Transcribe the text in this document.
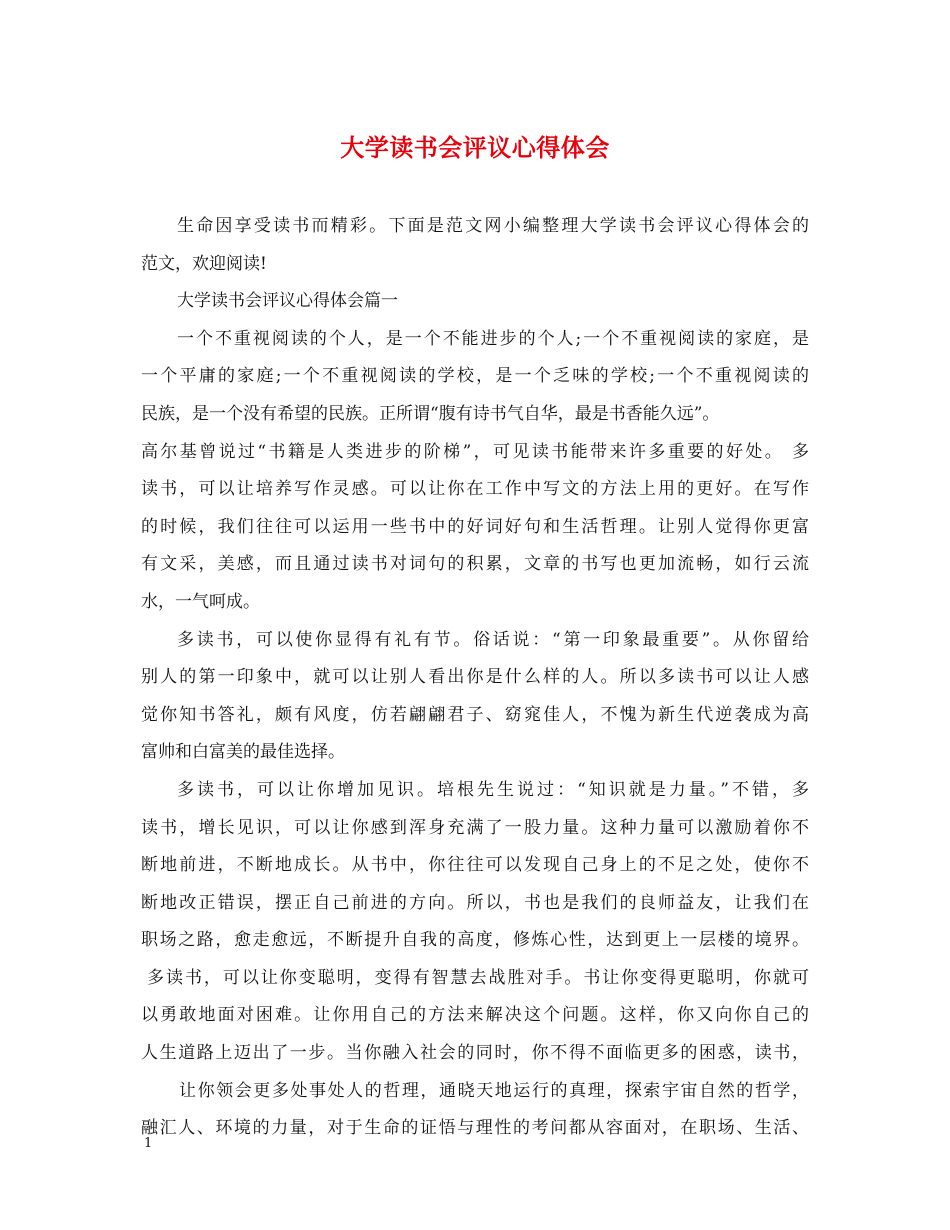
大学读书会评议心得体会
生命因享受读书而精彩。下面是范文网小编整理大学读书会评议心得体会的
范文，欢迎阅读!
大学读书会评议心得体会篇一
一个不重视阅读的个人，是一个不能进步的个人;一个不重视阅读的家庭，是
一个平庸的家庭;一个不重视阅读的学校，是一个乏味的学校;一个不重视阅读的
民族，是一个没有希望的民族。正所谓“腹有诗书气自华，最是书香能久远”。
高尔基曾说过“书籍是人类进步的阶梯”，可见读书能带来许多重要的好处。 多
读书，可以让培养写作灵感。可以让你在工作中写文的方法上用的更好。在写作
的时候，我们往往可以运用一些书中的好词好句和生活哲理。让别人觉得你更富
有文采，美感，而且通过读书对词句的积累，文章的书写也更加流畅，如行云流
水，一气呵成。
多读书，可以使你显得有礼有节。俗话说：“第一印象最重要”。从你留给
别人的第一印象中，就可以让别人看出你是什么样的人。所以多读书可以让人感
觉你知书答礼，颇有风度，仿若翩翩君子、窈窕佳人，不愧为新生代逆袭成为高
富帅和白富美的最佳选择。
多读书，可以让你增加见识。培根先生说过：“知识就是力量。”不错，多
读书，增长见识，可以让你感到浑身充满了一股力量。这种力量可以激励着你不
断地前进，不断地成长。从书中，你往往可以发现自己身上的不足之处，使你不
断地改正错误，摆正自己前进的方向。所以，书也是我们的良师益友，让我们在
职场之路，愈走愈远，不断提升自我的高度，修炼心性，达到更上一层楼的境界。
多读书，可以让你变聪明，变得有智慧去战胜对手。书让你变得更聪明，你就可
以勇敢地面对困难。让你用自己的方法来解决这个问题。这样，你又向你自己的
人生道路上迈出了一步。当你融入社会的同时，你不得不面临更多的困惑，读书，
让你领会更多处事处人的哲理，通晓天地运行的真理，探索宇宙自然的哲学，
融汇人、环境的力量，对于生命的证悟与理性的考问都从容面对，在职场、生活、
1
